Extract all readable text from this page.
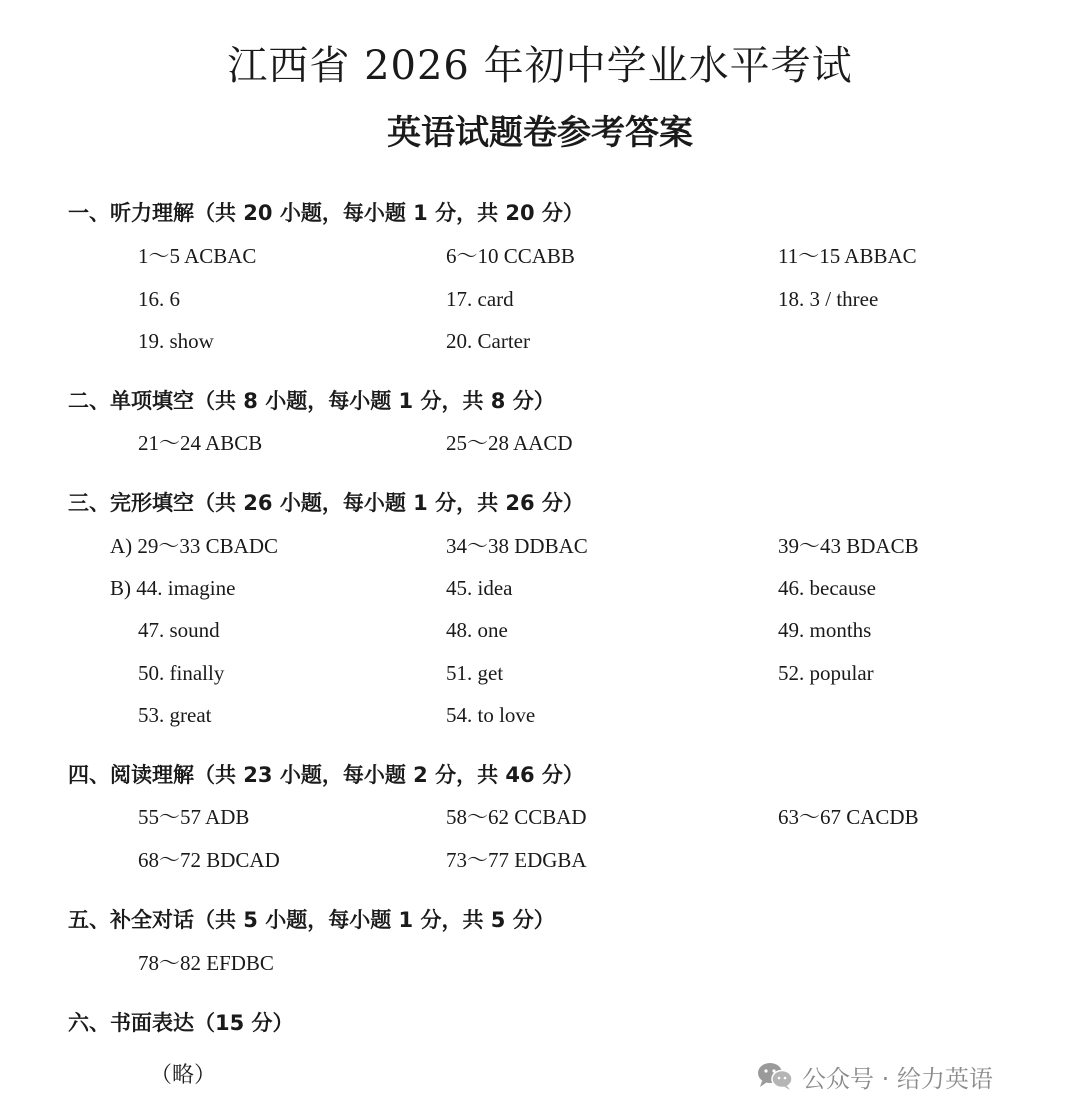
江西省 2026 年初中学业水平考试
英语试题卷参考答案
一、听力理解（共 20 小题，每小题 1 分，共 20 分）
1～5 ACBAC	6～10 CCABB	11～15 ABBAC
16. 6	17. card	18. 3 / three
19. show	20. Carter
二、单项填空（共 8 小题，每小题 1 分，共 8 分）
21～24 ABCB	25～28 AACD
三、完形填空（共 26 小题，每小题 1 分，共 26 分）
A) 29～33 CBADC	34～38 DDBAC	39～43 BDACB
B) 44. imagine	45. idea	46. because
47. sound	48. one	49. months
50. finally	51. get	52. popular
53. great	54. to love
四、阅读理解（共 23 小题，每小题 2 分，共 46 分）
55～57 ADB	58～62 CCBAD	63～67 CACDB
68～72 BDCAD	73～77 EDGBA
五、补全对话（共 5 小题，每小题 1 分，共 5 分）
78～82 EFDBC
六、书面表达（15 分）
（略）	公众号 · 给力英语
